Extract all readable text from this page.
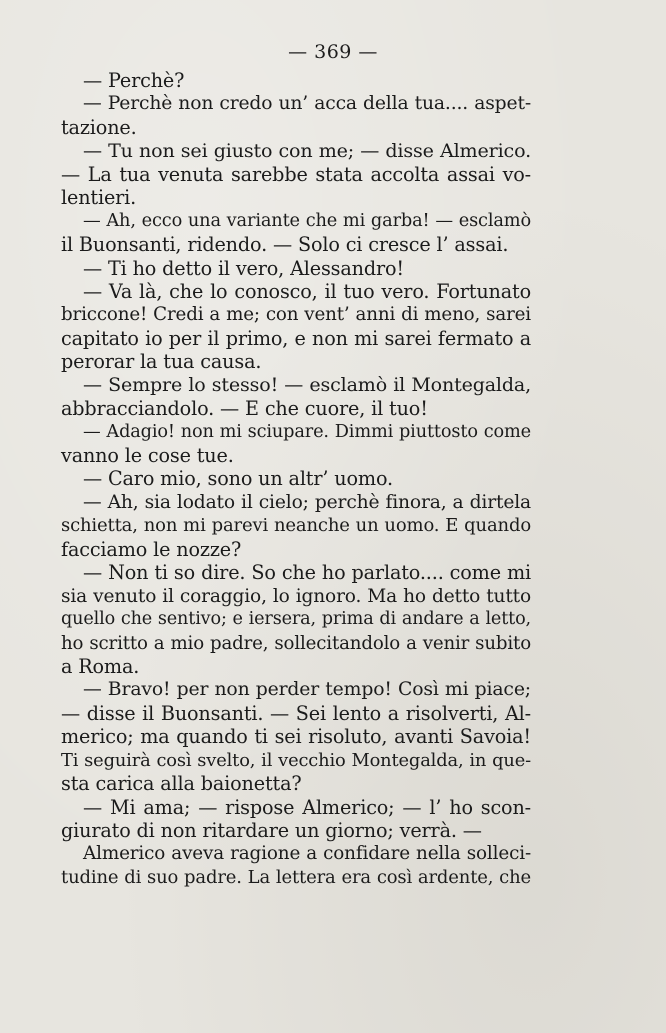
— 369 —
— Perchè?
— Perchè non credo un’ acca della tua.... aspet-
tazione.
— Tu non sei giusto con me; — disse Almerico.
— La tua venuta sarebbe stata accolta assai vo-
lentieri.
— Ah, ecco una variante che mi garba! — esclamò
il Buonsanti, ridendo. — Solo ci cresce l’ assai.
— Ti ho detto il vero, Alessandro!
— Va là, che lo conosco, il tuo vero. Fortunato
briccone! Credi a me; con vent’ anni di meno, sarei
capitato io per il primo, e non mi sarei fermato a
perorar la tua causa.
— Sempre lo stesso! — esclamò il Montegalda,
abbracciandolo. — E che cuore, il tuo!
— Adagio! non mi sciupare. Dimmi piuttosto come
vanno le cose tue.
— Caro mio, sono un altr’ uomo.
— Ah, sia lodato il cielo; perchè finora, a dirtela
schietta, non mi parevi neanche un uomo. E quando
facciamo le nozze?
— Non ti so dire. So che ho parlato.... come mi
sia venuto il coraggio, lo ignoro. Ma ho detto tutto
quello che sentivo; e iersera, prima di andare a letto,
ho scritto a mio padre, sollecitandolo a venir subito
a Roma.
— Bravo! per non perder tempo! Così mi piace;
— disse il Buonsanti. — Sei lento a risolverti, Al-
merico; ma quando ti sei risoluto, avanti Savoia!
Ti seguirà così svelto, il vecchio Montegalda, in que-
sta carica alla baionetta?
— Mi ama; — rispose Almerico; — l’ ho scon-
giurato di non ritardare un giorno; verrà. —
Almerico aveva ragione a confidare nella solleci-
tudine di suo padre. La lettera era così ardente, che
